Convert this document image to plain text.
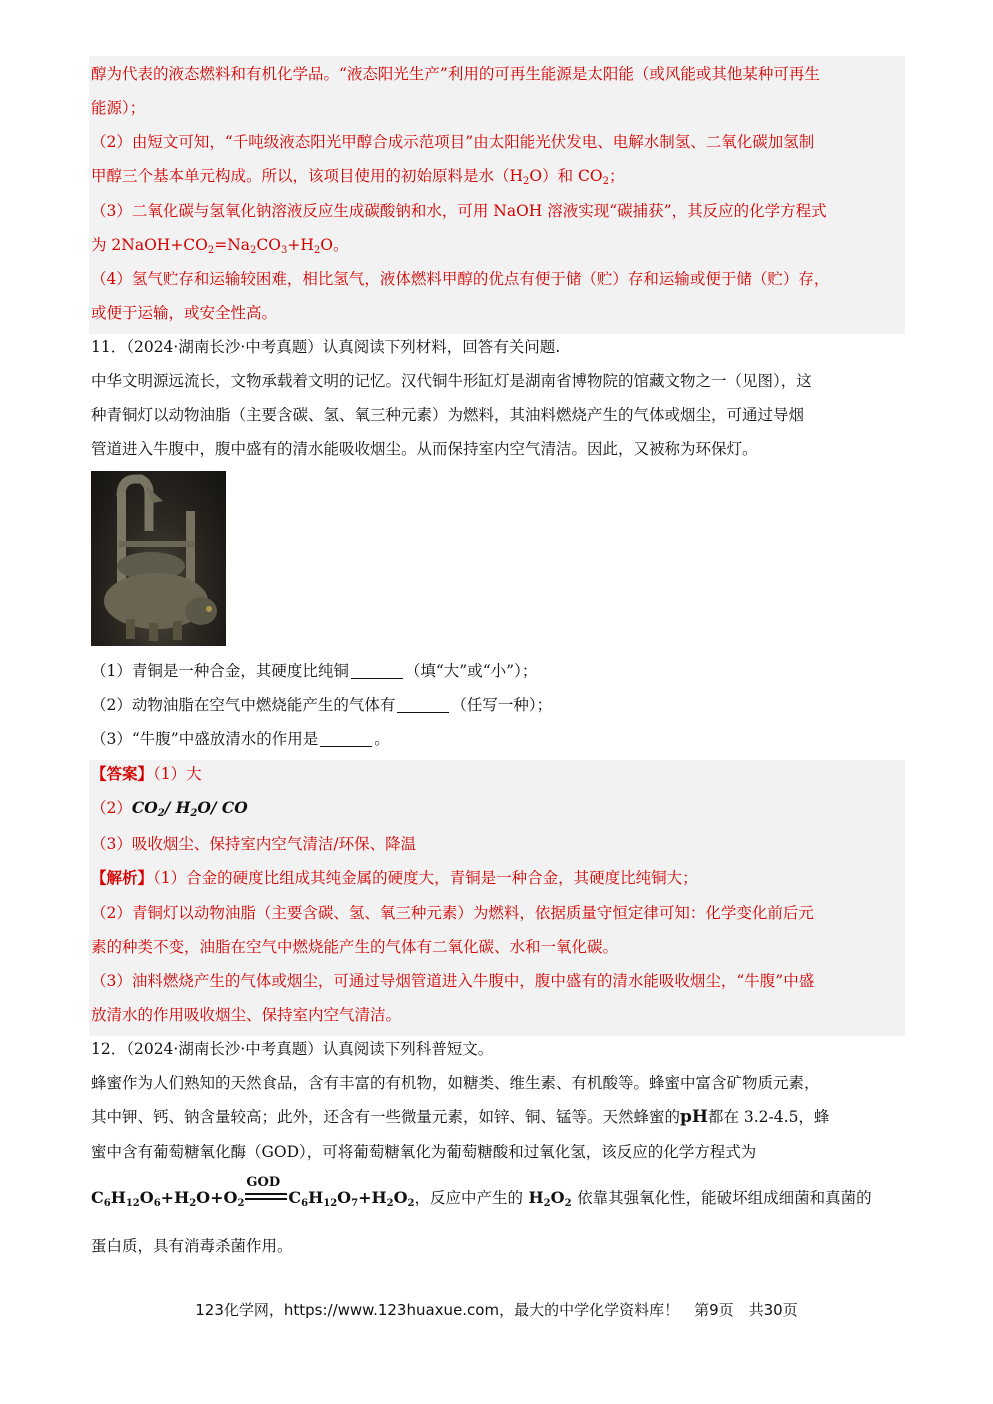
醇为代表的液态燃料和有机化学品。“液态阳光生产”利用的可再生能源是太阳能（或风能或其他某种可再生
能源）；
（2）由短文可知，“千吨级液态阳光甲醇合成示范项目”由太阳能光伏发电、电解水制氢、二氧化碳加氢制
甲醇三个基本单元构成。所以，该项目使用的初始原料是水$(H_2O)$和 $CO_2$；
（3）二氧化碳与氢氧化钠溶液反应生成碳酸钠和水，可用 NaOH 溶液实现“碳捕获”，其反应的化学方程式
为 $2NaOH+CO_2=Na_2CO_3+H_2O$。
（4）氢气贮存和运输较困难，相比氢气，液体燃料甲醇的优点有便于储（贮）存和运输或便于储（贮）存，
或便于运输，或安全性高。
11．（2024·湖南长沙·中考真题）认真阅读下列材料，回答有关问题.
中华文明源远流长，文物承载着文明的记忆。汉代铜牛形缸灯是湖南省博物院的馆藏文物之一（见图），这
种青铜灯以动物油脂（主要含碳、氢、氧三种元素）为燃料，其油料燃烧产生的气体或烟尘，可通过导烟
管道进入牛腹中，腹中盛有的清水能吸收烟尘。从而保持室内空气清洁。因此，又被称为环保灯。
（1）青铜是一种合金，其硬度比纯铜	（填“大”或“小”）；
（2）动物油脂在空气中燃烧能产生的气体有	（任写一种）；
（3）“牛腹”中盛放清水的作用是	。
【答案】（1）大
$(2)CO_2/$ $H_2O/$ CO
（3）吸收烟尘、保持室内空气清洁/环保、降温
【解析】（1）合金的硬度比组成其纯金属的硬度大，青铜是一种合金，其硬度比纯铜大；
（2）青铜灯以动物油脂（主要含碳、氢、氧三种元素）为燃料，依据质量守恒定律可知：化学变化前后元
素的种类不变，油脂在空气中燃烧能产生的气体有二氧化碳、水和一氧化碳。
（3）油料燃烧产生的气体或烟尘，可通过导烟管道进入牛腹中，腹中盛有的清水能吸收烟尘，“牛腹”中盛
放清水的作用吸收烟尘、保持室内空气清洁。
12．（2024·湖南长沙·中考真题）认真阅读下列科普短文。
蜂蜜作为人们熟知的天然食品，含有丰富的有机物，如糖类、维生素、有机酸等。蜂蜜中富含矿物质元素，
其中钾、钙、钠含量较高；此外，还含有一些微量元素，如锌、铜、锰等。天然蜂蜜的pH都在 3.2-4.5，蜂
蜜中含有葡萄糖氧化酶（GOD），可将葡萄糖氧化为葡萄糖酸和过氧化氢，该反应的化学方程式为
$C_6H_{12}O_6+H_2O+O_2$
GOD
$C_6H_{12}O_7+H_2O_2$，反应中产生的 $H_2O_2$ 依靠其强氧化性，能破坏组成细菌和真菌的
蛋白质，具有消毒杀菌作用。
123化学网，https://www.123huaxue.com，最大的中学化学资料库！　第9页　共30页
